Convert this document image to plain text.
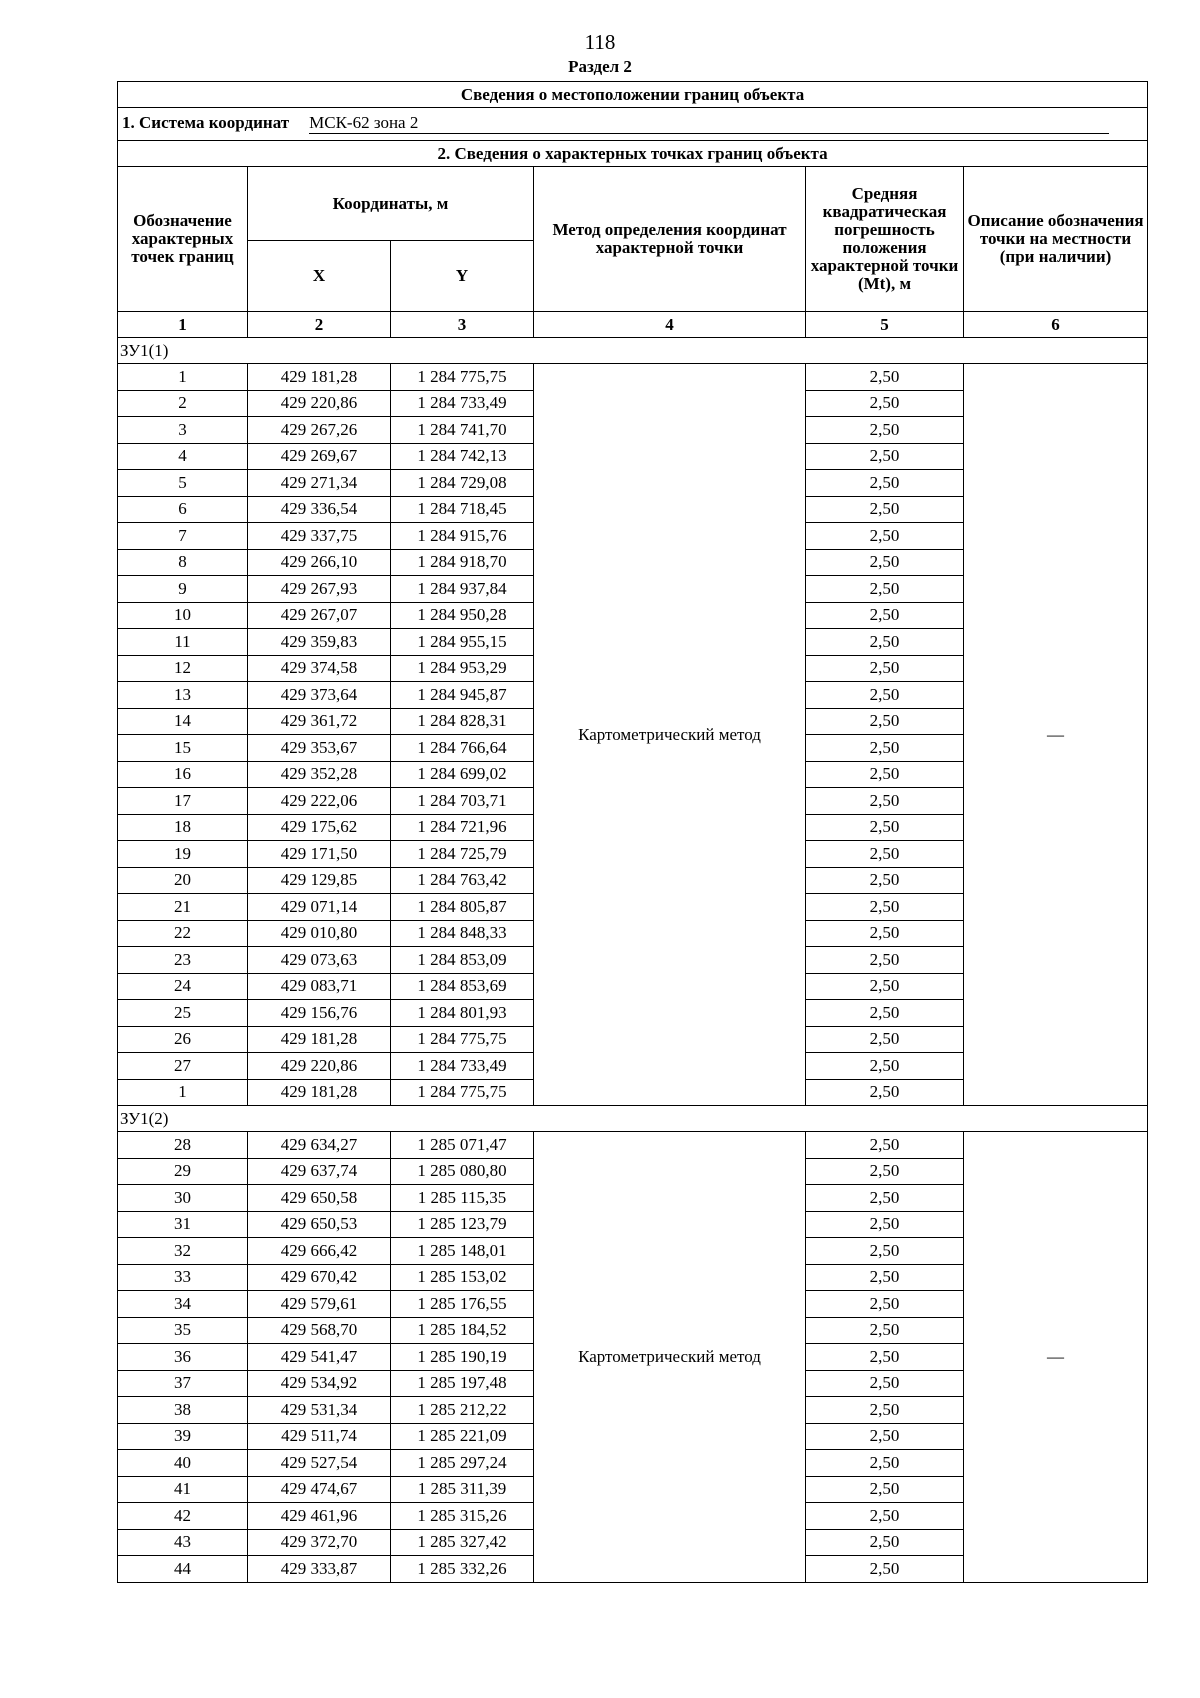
118
Раздел 2
Сведения о местоположении границ объекта					
1. Система координат МСК-62 зона 2					
2. Сведения о характерных точках границ объекта					
Обозначение характерных точек границ	Координаты, м		Метод определения координат характерной точки	Средняя квадратическая погрешность положения характерной точки (Mt), м	Описание обозначения точки на местности (при наличии)
	X	Y			
1	2	3	4	5	6
ЗУ1(1)					
1	429 181,28	1 284 775,75	Картометрический метод	2,50	—
2	429 220,86	1 284 733,49		2,50	
3	429 267,26	1 284 741,70		2,50	
4	429 269,67	1 284 742,13		2,50	
5	429 271,34	1 284 729,08		2,50	
6	429 336,54	1 284 718,45		2,50	
7	429 337,75	1 284 915,76		2,50	
8	429 266,10	1 284 918,70		2,50	
9	429 267,93	1 284 937,84		2,50	
10	429 267,07	1 284 950,28		2,50	
11	429 359,83	1 284 955,15		2,50	
12	429 374,58	1 284 953,29		2,50	
13	429 373,64	1 284 945,87		2,50	
14	429 361,72	1 284 828,31		2,50	
15	429 353,67	1 284 766,64		2,50	
16	429 352,28	1 284 699,02		2,50	
17	429 222,06	1 284 703,71		2,50	
18	429 175,62	1 284 721,96		2,50	
19	429 171,50	1 284 725,79		2,50	
20	429 129,85	1 284 763,42		2,50	
21	429 071,14	1 284 805,87		2,50	
22	429 010,80	1 284 848,33		2,50	
23	429 073,63	1 284 853,09		2,50	
24	429 083,71	1 284 853,69		2,50	
25	429 156,76	1 284 801,93		2,50	
26	429 181,28	1 284 775,75		2,50	
27	429 220,86	1 284 733,49		2,50	
1	429 181,28	1 284 775,75		2,50	
ЗУ1(2)					
28	429 634,27	1 285 071,47	Картометрический метод	2,50	—
29	429 637,74	1 285 080,80		2,50	
30	429 650,58	1 285 115,35		2,50	
31	429 650,53	1 285 123,79		2,50	
32	429 666,42	1 285 148,01		2,50	
33	429 670,42	1 285 153,02		2,50	
34	429 579,61	1 285 176,55		2,50	
35	429 568,70	1 285 184,52		2,50	
36	429 541,47	1 285 190,19		2,50	
37	429 534,92	1 285 197,48		2,50	
38	429 531,34	1 285 212,22		2,50	
39	429 511,74	1 285 221,09		2,50	
40	429 527,54	1 285 297,24		2,50	
41	429 474,67	1 285 311,39		2,50	
42	429 461,96	1 285 315,26		2,50	
43	429 372,70	1 285 327,42		2,50	
44	429 333,87	1 285 332,26		2,50	
